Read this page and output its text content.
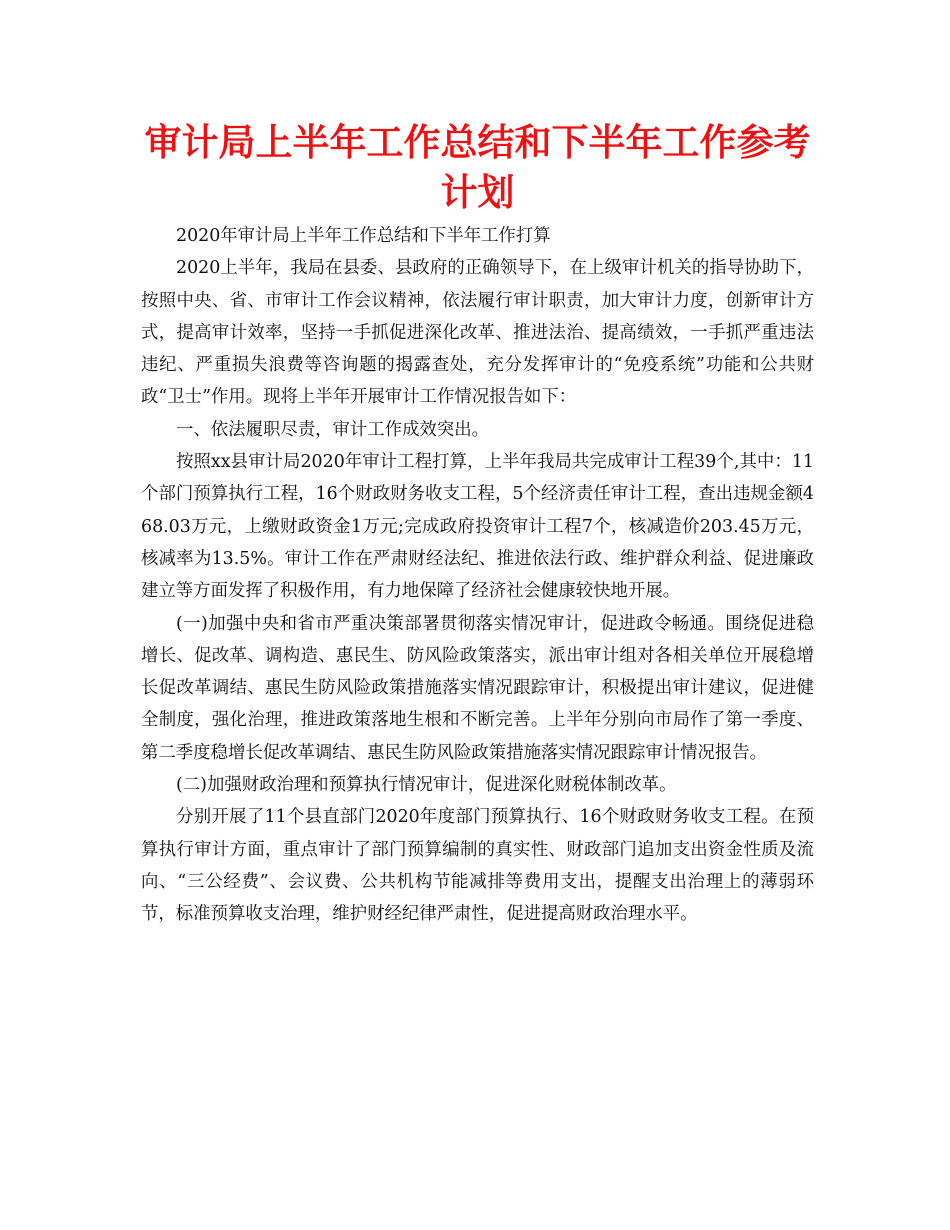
审计局上半年工作总结和下半年工作参考
计划

2020年审计局上半年工作总结和下半年工作打算

2020上半年，我局在县委、县政府的正确领导下，在上级审计机关的指导协助下，按照中央、省、市审计工作会议精神，依法履行审计职责，加大审计力度，创新审计方式，提高审计效率，坚持一手抓促进深化改革、推进法治、提高绩效，一手抓严重违法违纪、严重损失浪费等咨询题的揭露查处，充分发挥审计的“免疫系统”功能和公共财政“卫士”作用。现将上半年开展审计工作情况报告如下：

一、依法履职尽责，审计工作成效突出。

按照xx县审计局2020年审计工程打算，上半年我局共完成审计工程39个,其中：11个部门预算执行工程，16个财政财务收支工程，5个经济责任审计工程，查出违规金额468.03万元，上缴财政资金1万元;完成政府投资审计工程7个，核减造价203.45万元，核减率为13.5%。审计工作在严肃财经法纪、推进依法行政、维护群众利益、促进廉政建立等方面发挥了积极作用，有力地保障了经济社会健康较快地开展。

(一)加强中央和省市严重决策部署贯彻落实情况审计，促进政令畅通。围绕促进稳增长、促改革、调构造、惠民生、防风险政策落实，派出审计组对各相关单位开展稳增长促改革调结、惠民生防风险政策措施落实情况跟踪审计，积极提出审计建议，促进健全制度，强化治理，推进政策落地生根和不断完善。上半年分别向市局作了第一季度、第二季度稳增长促改革调结、惠民生防风险政策措施落实情况跟踪审计情况报告。

(二)加强财政治理和预算执行情况审计，促进深化财税体制改革。

分别开展了11个县直部门2020年度部门预算执行、16个财政财务收支工程。在预算执行审计方面，重点审计了部门预算编制的真实性、财政部门追加支出资金性质及流向、“三公经费”、会议费、公共机构节能减排等费用支出，提醒支出治理上的薄弱环节，标准预算收支治理，维护财经纪律严肃性，促进提高财政治理水平。
